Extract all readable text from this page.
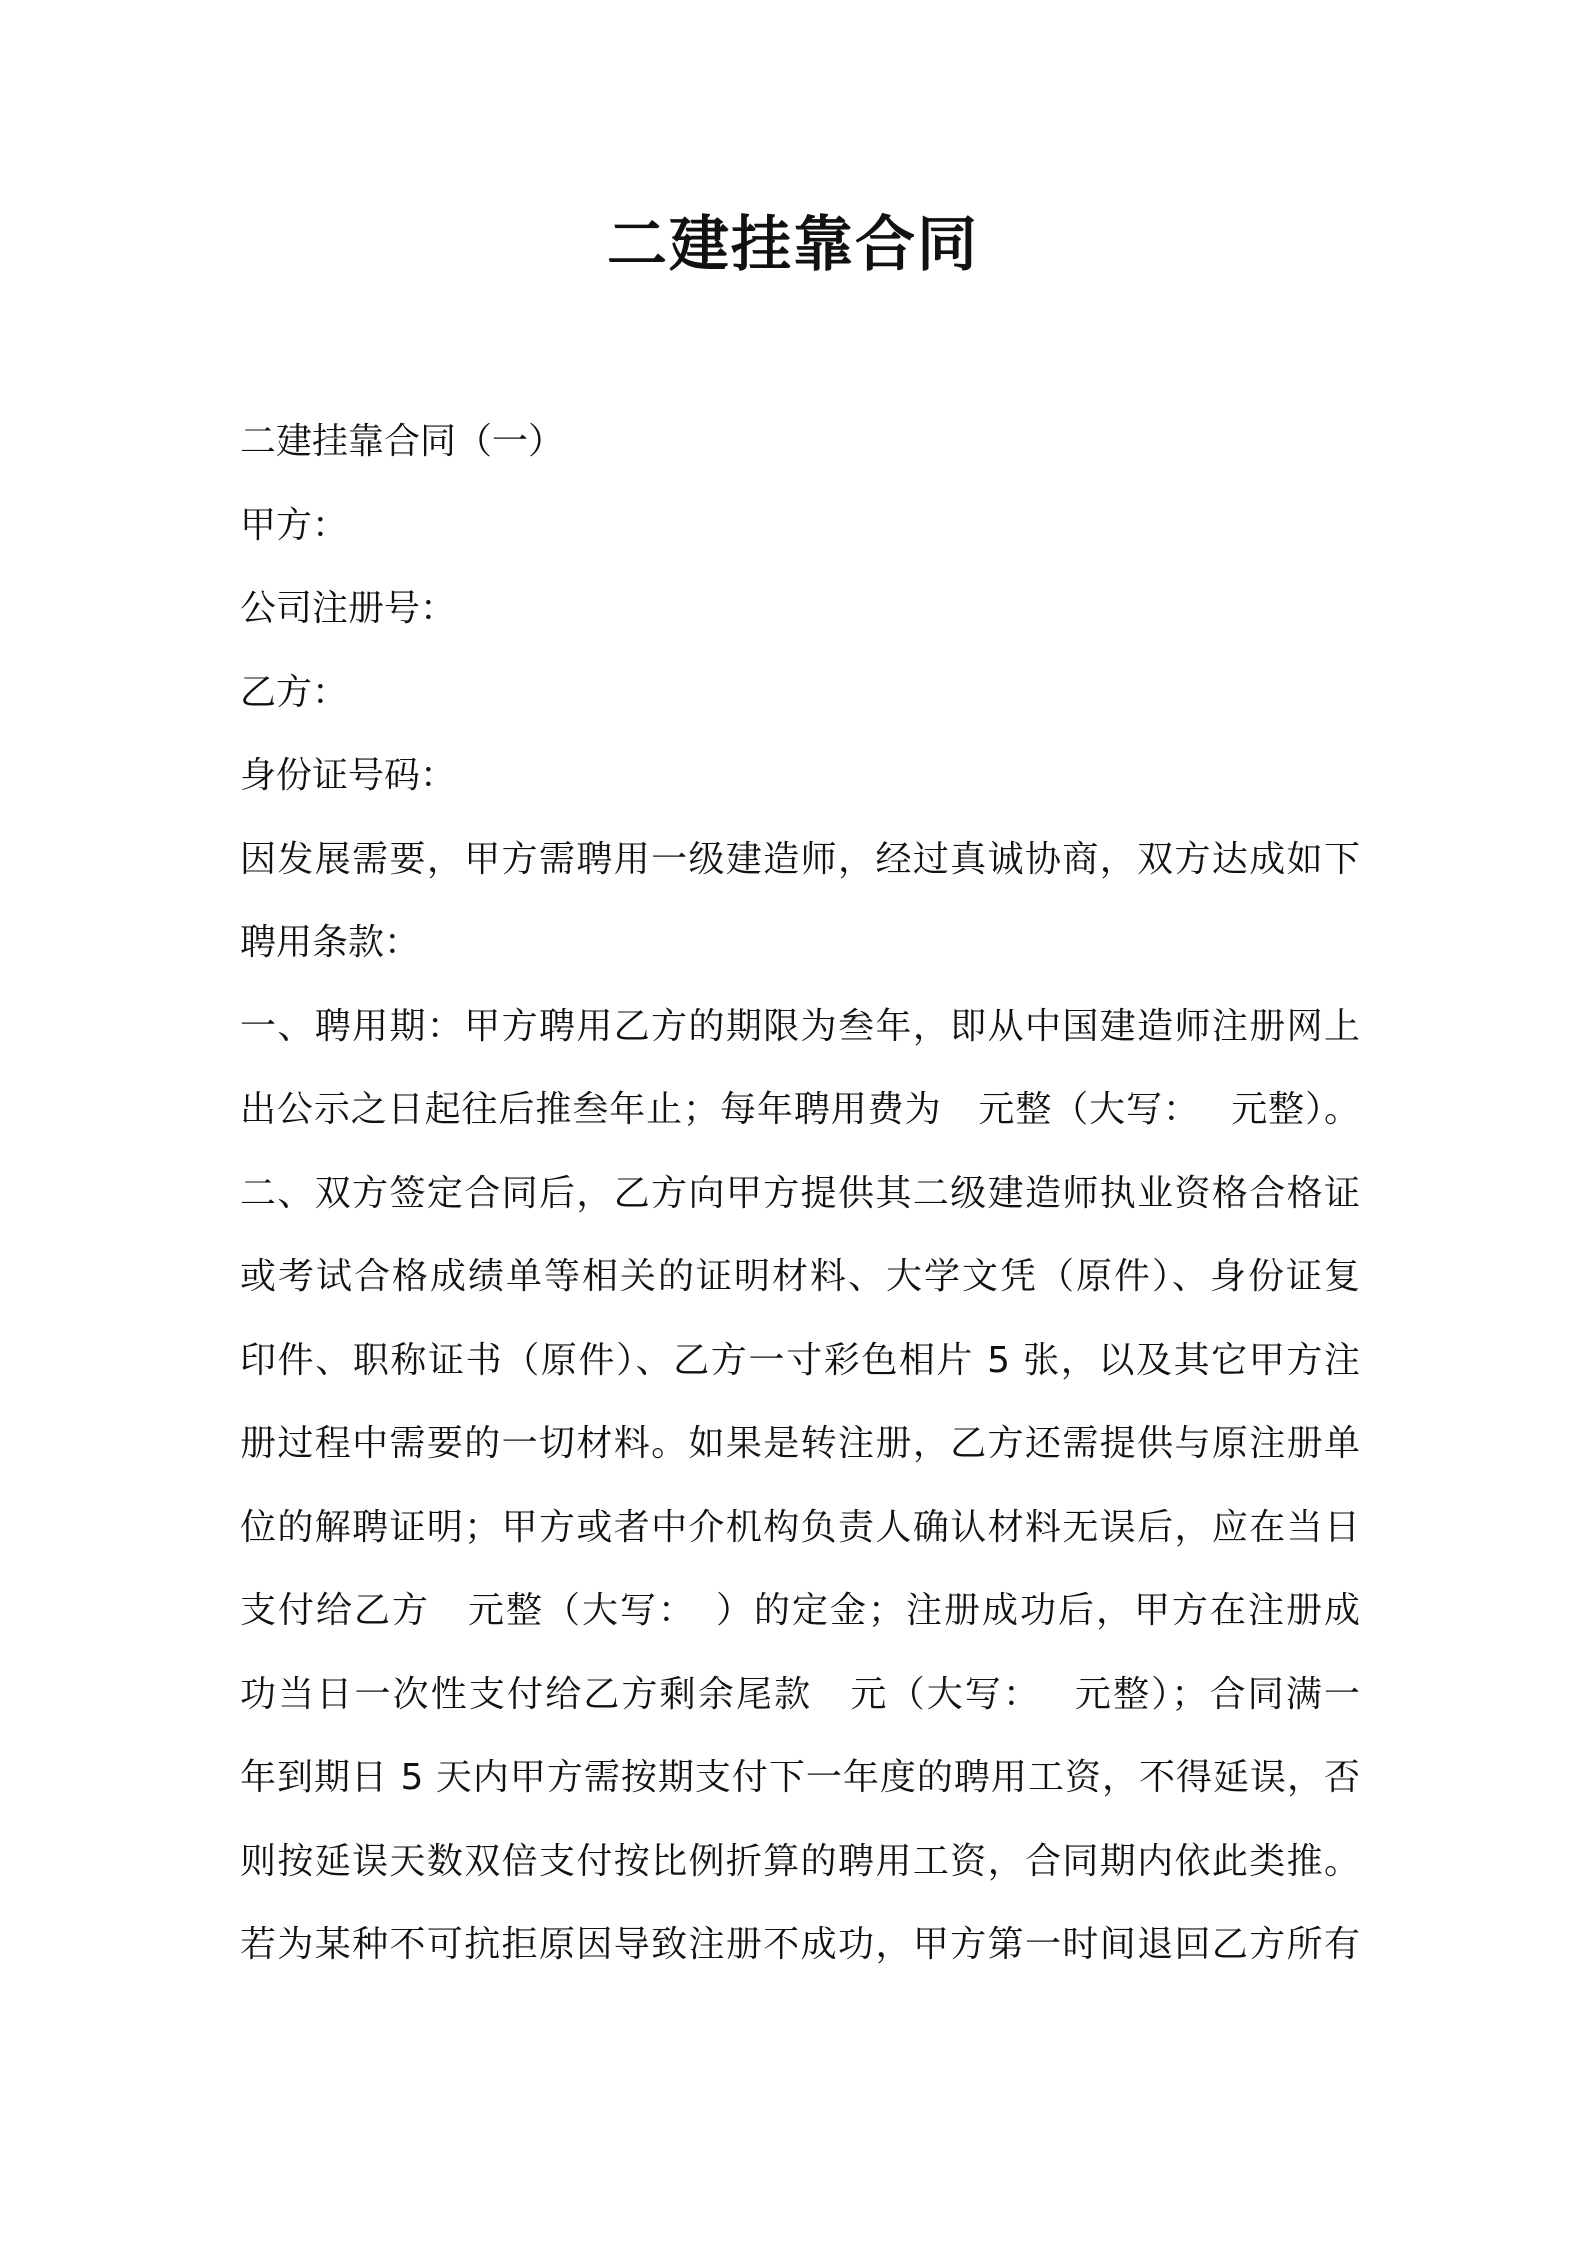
二建挂靠合同
二建挂靠合同（一）
甲方：
公司注册号：
乙方：
身份证号码：
因发展需要，甲方需聘用一级建造师，经过真诚协商，双方达成如下
聘用条款：
一、聘用期：甲方聘用乙方的期限为叁年，即从中国建造师注册网上
出公示之日起往后推叁年止；每年聘用费为　元整（大写：　 元整）。
二、双方签定合同后，乙方向甲方提供其二级建造师执业资格合格证
或考试合格成绩单等相关的证明材料、大学文凭（原件）、身份证复
印件、职称证书（原件）、乙方一寸彩色相片 5 张，以及其它甲方注
册过程中需要的一切材料。如果是转注册，乙方还需提供与原注册单
位的解聘证明；甲方或者中介机构负责人确认材料无误后，应在当日
支付给乙方　元整（大写：　）的定金；注册成功后，甲方在注册成
功当日一次性支付给乙方剩余尾款　元（大写：　 元整）；合同满一
年到期日 5 天内甲方需按期支付下一年度的聘用工资，不得延误，否
则按延误天数双倍支付按比例折算的聘用工资，合同期内依此类推。
若为某种不可抗拒原因导致注册不成功，甲方第一时间退回乙方所有
